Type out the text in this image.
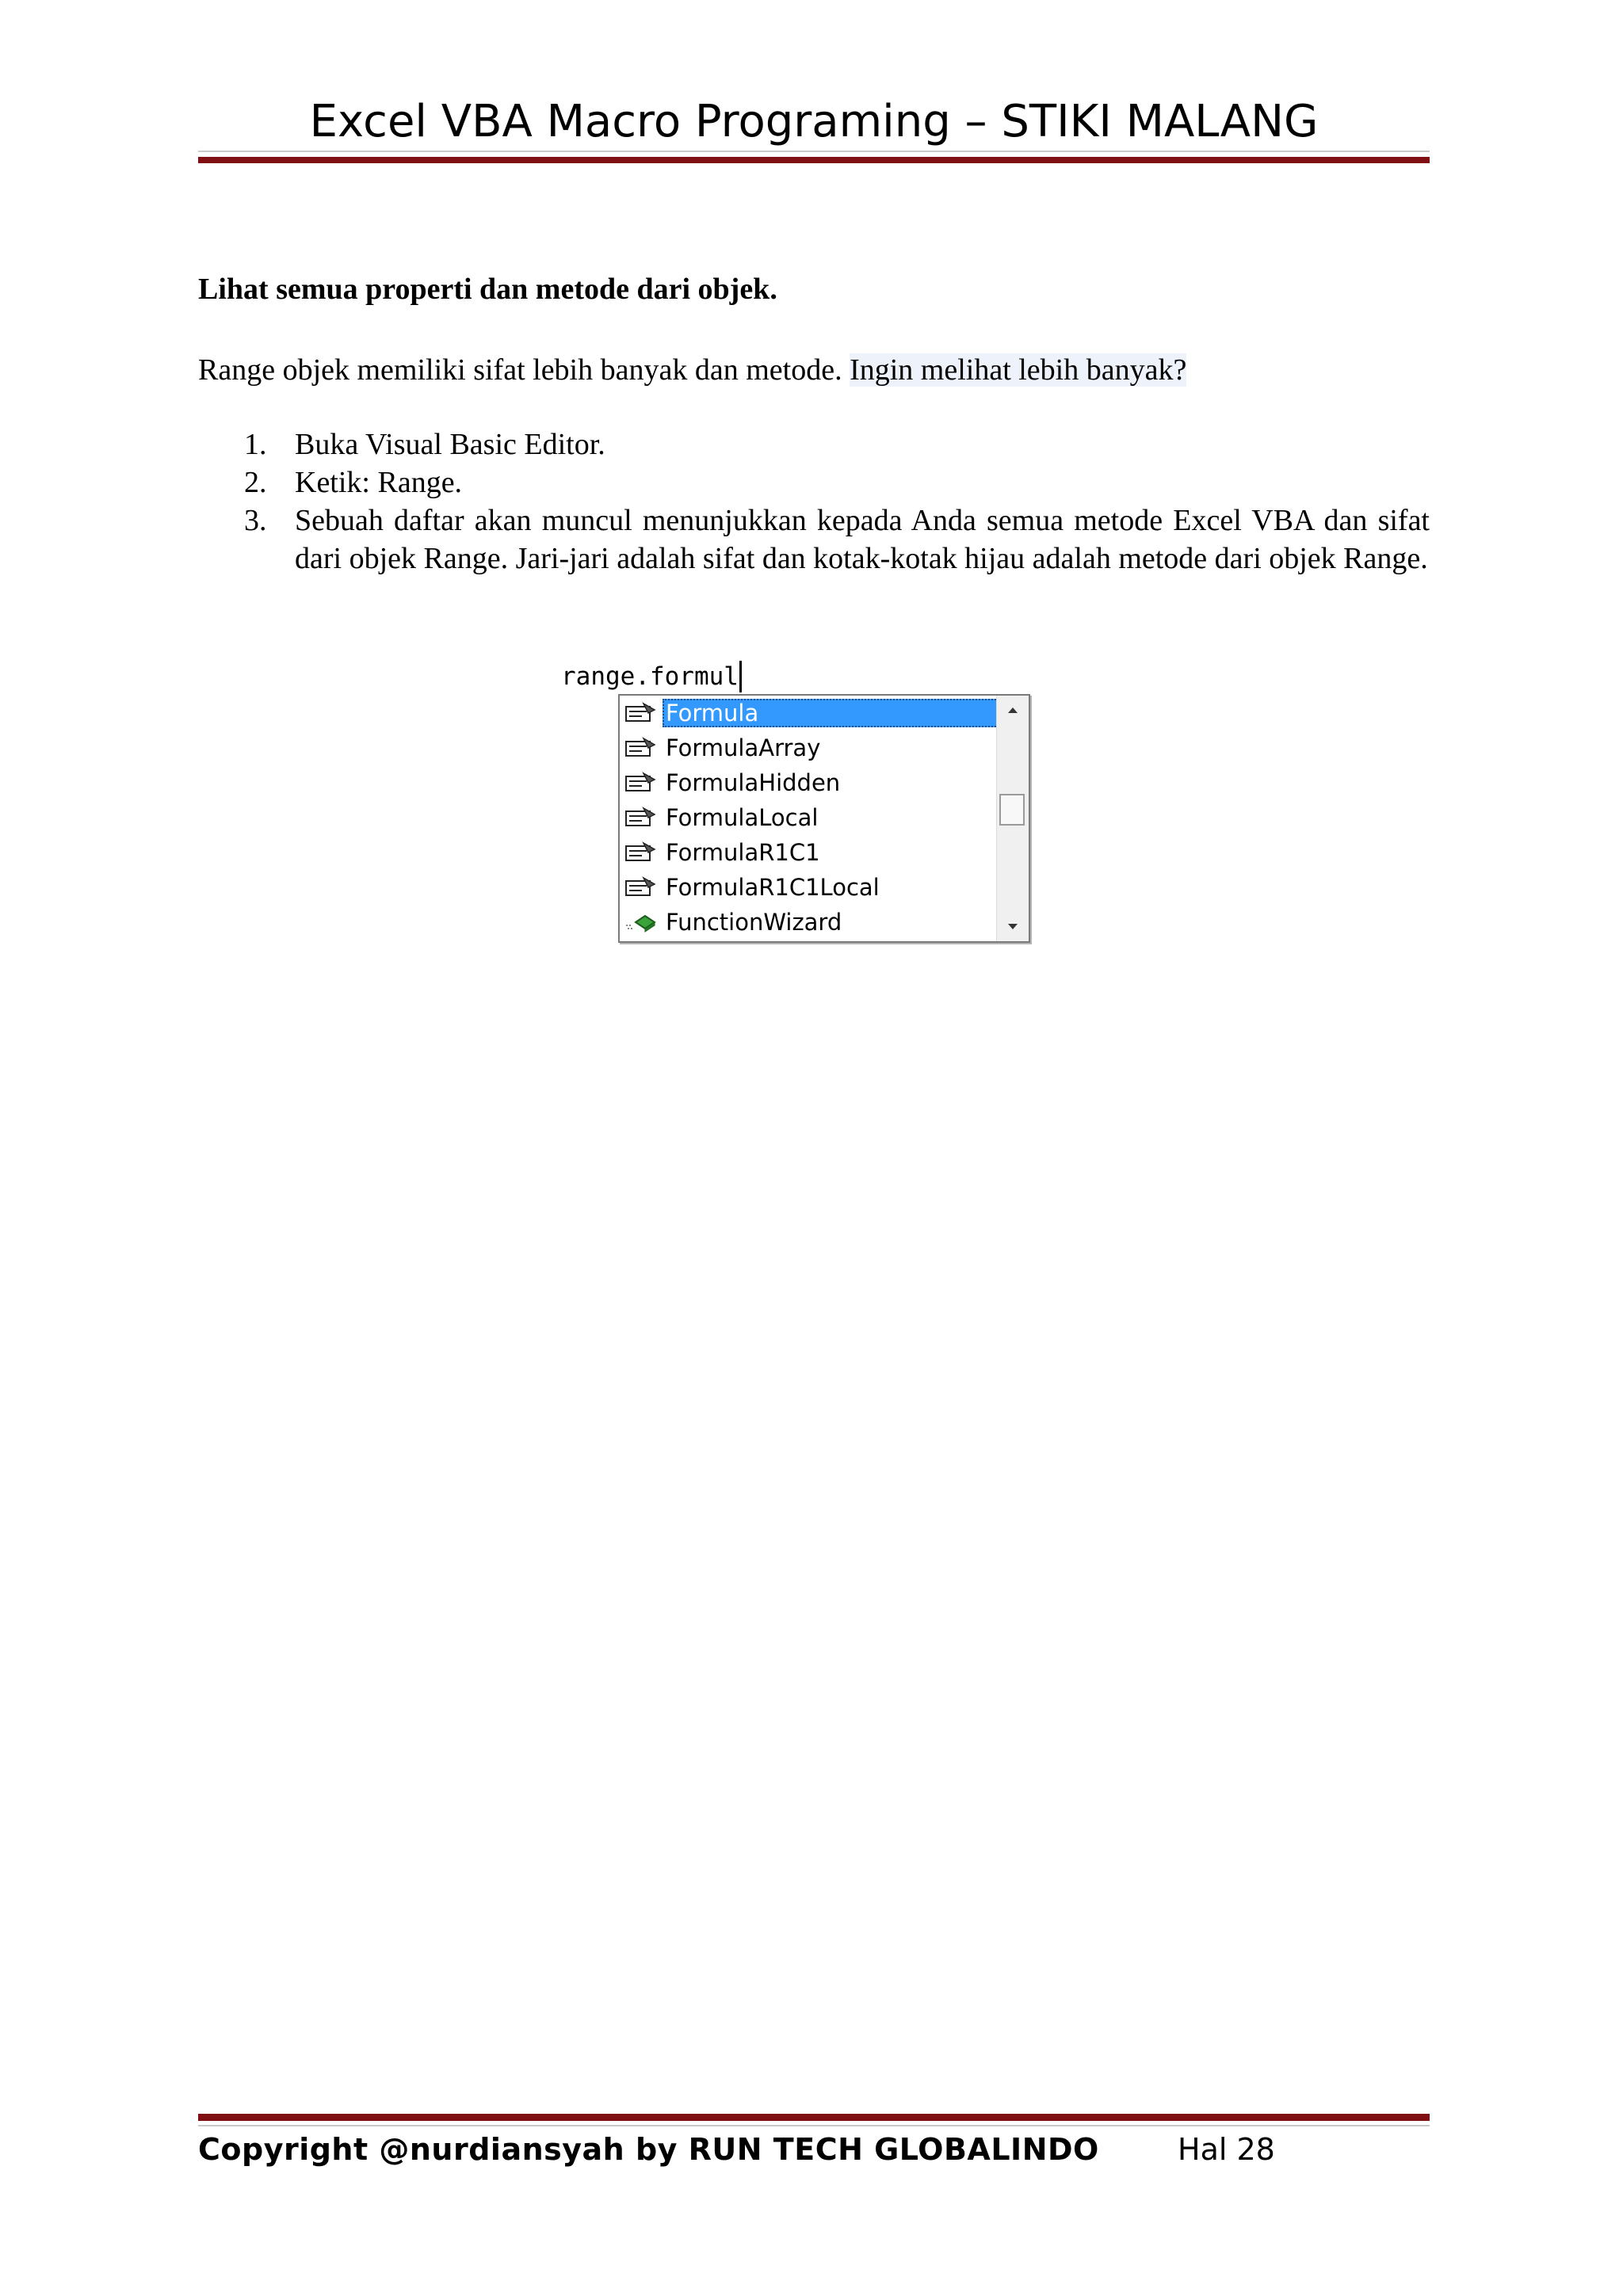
Excel VBA Macro Programing – STIKI MALANG
Lihat semua properti dan metode dari objek.
Range objek memiliki sifat lebih banyak dan metode. Ingin melihat lebih banyak?
1. Buka Visual Basic Editor.
2. Ketik: Range.
3. Sebuah daftar akan muncul menunjukkan kepada Anda semua metode Excel VBA dan sifat dari objek Range. Jari-jari adalah sifat dan kotak-kotak hijau adalah metode dari objek Range.
range.formul
Formula
FormulaArray
FormulaHidden
FormulaLocal
FormulaR1C1
FormulaR1C1Local
FunctionWizard
Copyright @nurdiansyah by RUN TECH GLOBALINDO	Hal 28
